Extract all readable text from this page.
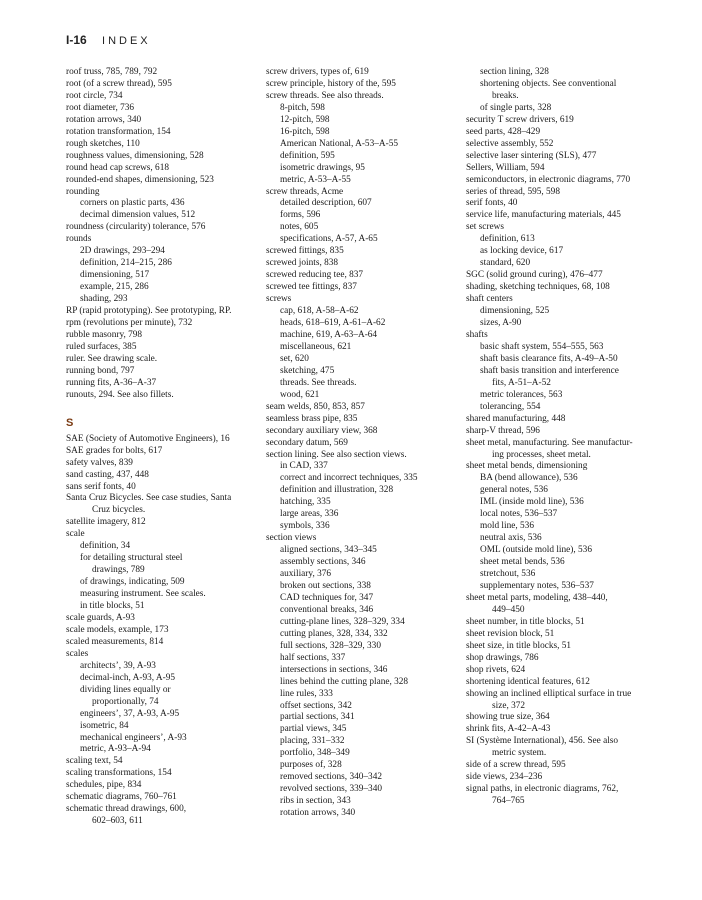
I-16 INDEX
roof truss, 785, 789, 792
root (of a screw thread), 595
root circle, 734
root diameter, 736
rotation arrows, 340
rotation transformation, 154
rough sketches, 110
roughness values, dimensioning, 528
round head cap screws, 618
rounded-end shapes, dimensioning, 523
rounding
corners on plastic parts, 436
decimal dimension values, 512
roundness (circularity) tolerance, 576
rounds
2D drawings, 293–294
definition, 214–215, 286
dimensioning, 517
example, 215, 286
shading, 293
RP (rapid prototyping). See prototyping, RP.
rpm (revolutions per minute), 732
rubble masonry, 798
ruled surfaces, 385
ruler. See drawing scale.
running bond, 797
running fits, A-36–A-37
runouts, 294. See also fillets.
S
SAE (Society of Automotive Engineers), 16
SAE grades for bolts, 617
safety valves, 839
sand casting, 437, 448
sans serif fonts, 40
Santa Cruz Bicycles. See case studies, Santa
Cruz bicycles.
satellite imagery, 812
scale
definition, 34
for detailing structural steel
drawings, 789
of drawings, indicating, 509
measuring instrument. See scales.
in title blocks, 51
scale guards, A-93
scale models, example, 173
scaled measurements, 814
scales
architects’, 39, A-93
decimal-inch, A-93, A-95
dividing lines equally or
proportionally, 74
engineers’, 37, A-93, A-95
isometric, 84
mechanical engineers’, A-93
metric, A-93–A-94
scaling text, 54
scaling transformations, 154
schedules, pipe, 834
schematic diagrams, 760–761
schematic thread drawings, 600,
602–603, 611
screw drivers, types of, 619
screw principle, history of the, 595
screw threads. See also threads.
8-pitch, 598
12-pitch, 598
16-pitch, 598
American National, A-53–A-55
definition, 595
isometric drawings, 95
metric, A-53–A-55
screw threads, Acme
detailed description, 607
forms, 596
notes, 605
specifications, A-57, A-65
screwed fittings, 835
screwed joints, 838
screwed reducing tee, 837
screwed tee fittings, 837
screws
cap, 618, A-58–A-62
heads, 618–619, A-61–A-62
machine, 619, A-63–A-64
miscellaneous, 621
set, 620
sketching, 475
threads. See threads.
wood, 621
seam welds, 850, 853, 857
seamless brass pipe, 835
secondary auxiliary view, 368
secondary datum, 569
section lining. See also section views.
in CAD, 337
correct and incorrect techniques, 335
definition and illustration, 328
hatching, 335
large areas, 336
symbols, 336
section views
aligned sections, 343–345
assembly sections, 346
auxiliary, 376
broken out sections, 338
CAD techniques for, 347
conventional breaks, 346
cutting-plane lines, 328–329, 334
cutting planes, 328, 334, 332
full sections, 328–329, 330
half sections, 337
intersections in sections, 346
lines behind the cutting plane, 328
line rules, 333
offset sections, 342
partial sections, 341
partial views, 345
placing, 331–332
portfolio, 348–349
purposes of, 328
removed sections, 340–342
revolved sections, 339–340
ribs in section, 343
rotation arrows, 340
section lining, 328
shortening objects. See conventional
breaks.
of single parts, 328
security T screw drivers, 619
seed parts, 428–429
selective assembly, 552
selective laser sintering (SLS), 477
Sellers, William, 594
semiconductors, in electronic diagrams, 770
series of thread, 595, 598
serif fonts, 40
service life, manufacturing materials, 445
set screws
definition, 613
as locking device, 617
standard, 620
SGC (solid ground curing), 476–477
shading, sketching techniques, 68, 108
shaft centers
dimensioning, 525
sizes, A-90
shafts
basic shaft system, 554–555, 563
shaft basis clearance fits, A-49–A-50
shaft basis transition and interference
fits, A-51–A-52
metric tolerances, 563
tolerancing, 554
shared manufacturing, 448
sharp-V thread, 596
sheet metal, manufacturing. See manufactur-
ing processes, sheet metal.
sheet metal bends, dimensioning
BA (bend allowance), 536
general notes, 536
IML (inside mold line), 536
local notes, 536–537
mold line, 536
neutral axis, 536
OML (outside mold line), 536
sheet metal bends, 536
stretchout, 536
supplementary notes, 536–537
sheet metal parts, modeling, 438–440,
449–450
sheet number, in title blocks, 51
sheet revision block, 51
sheet size, in title blocks, 51
shop drawings, 786
shop rivets, 624
shortening identical features, 612
showing an inclined elliptical surface in true
size, 372
showing true size, 364
shrink fits, A-42–A-43
SI (Système International), 456. See also
metric system.
side of a screw thread, 595
side views, 234–236
signal paths, in electronic diagrams, 762,
764–765
